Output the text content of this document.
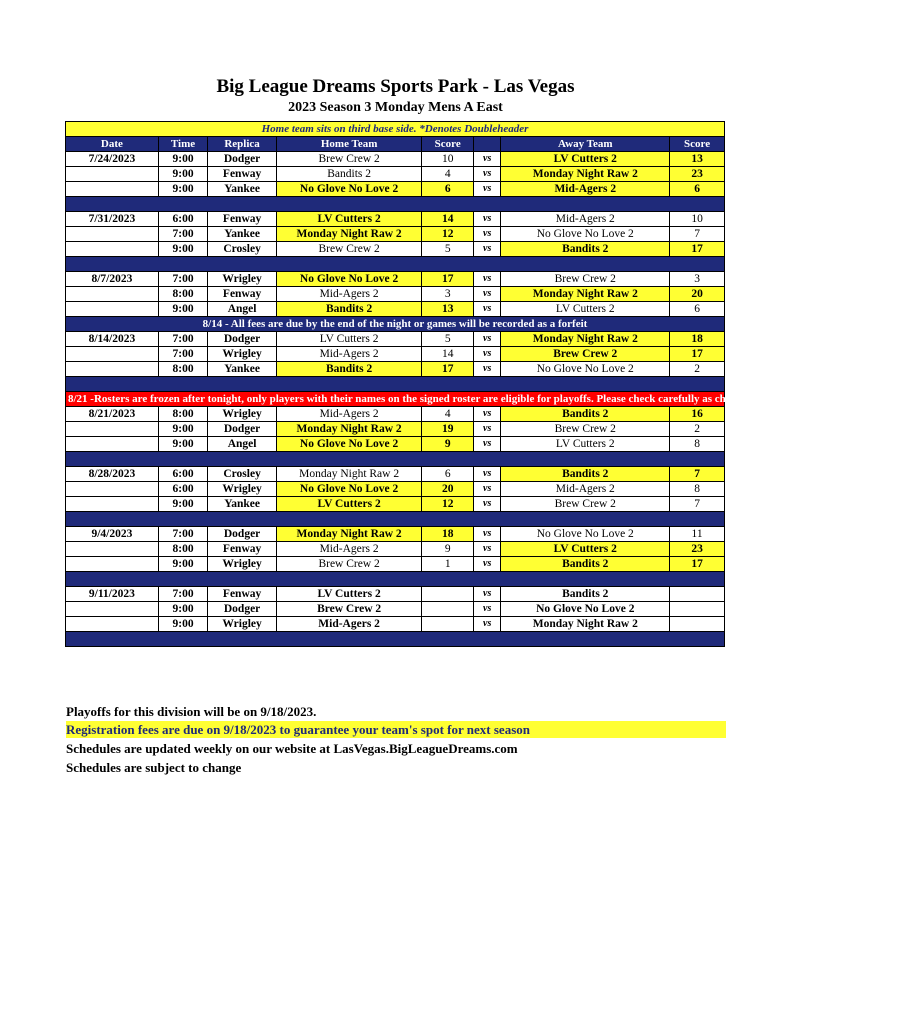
Big League Dreams Sports Park - Las Vegas
2023 Season 3 Monday Mens A East
Home team sits on third base side. *Denotes Doubleheader							
Date	Time	Replica	Home Team	Score		Away Team	Score
7/24/2023	9:00	Dodger	Brew Crew 2	10	vs	LV Cutters 2	13
	9:00	Fenway	Bandits 2	4	vs	Monday Night Raw 2	23
	9:00	Yankee	No Glove No Love 2	6	vs	Mid-Agers 2	6

7/31/2023	6:00	Fenway	LV Cutters 2	14	vs	Mid-Agers 2	10
	7:00	Yankee	Monday Night Raw 2	12	vs	No Glove No Love 2	7
	9:00	Crosley	Brew Crew 2	5	vs	Bandits 2	17

8/7/2023	7:00	Wrigley	No Glove No Love 2	17	vs	Brew Crew 2	3
	8:00	Fenway	Mid-Agers 2	3	vs	Monday Night Raw 2	20
	9:00	Angel	Bandits 2	13	vs	LV Cutters 2	6
8/14 - All fees are due by the end of the night or games will be recorded as a forfeit							
8/14/2023	7:00	Dodger	LV Cutters 2	5	vs	Monday Night Raw 2	18
	7:00	Wrigley	Mid-Agers 2	14	vs	Brew Crew 2	17
	8:00	Yankee	Bandits 2	17	vs	No Glove No Love 2	2

8/21 -Rosters are frozen after tonight, only players with their names on the signed roster are eligible for playoffs. Please check carefully as changes will not be made for omissions.							
8/21/2023	8:00	Wrigley	Mid-Agers 2	4	vs	Bandits 2	16
	9:00	Dodger	Monday Night Raw 2	19	vs	Brew Crew 2	2
	9:00	Angel	No Glove No Love 2	9	vs	LV Cutters 2	8

8/28/2023	6:00	Crosley	Monday Night Raw 2	6	vs	Bandits 2	7
	6:00	Wrigley	No Glove No Love 2	20	vs	Mid-Agers 2	8
	9:00	Yankee	LV Cutters 2	12	vs	Brew Crew 2	7

9/4/2023	7:00	Dodger	Monday Night Raw 2	18	vs	No Glove No Love 2	11
	8:00	Fenway	Mid-Agers 2	9	vs	LV Cutters 2	23
	9:00	Wrigley	Brew Crew 2	1	vs	Bandits 2	17

9/11/2023	7:00	Fenway	LV Cutters 2		vs	Bandits 2	
	9:00	Dodger	Brew Crew 2		vs	No Glove No Love 2	
	9:00	Wrigley	Mid-Agers 2		vs	Monday Night Raw 2	

Playoffs for this division will be on 9/18/2023.
Registration fees are due on 9/18/2023 to guarantee your team's spot for next season
Schedules are updated weekly on our website at LasVegas.BigLeagueDreams.com
Schedules are subject to change
